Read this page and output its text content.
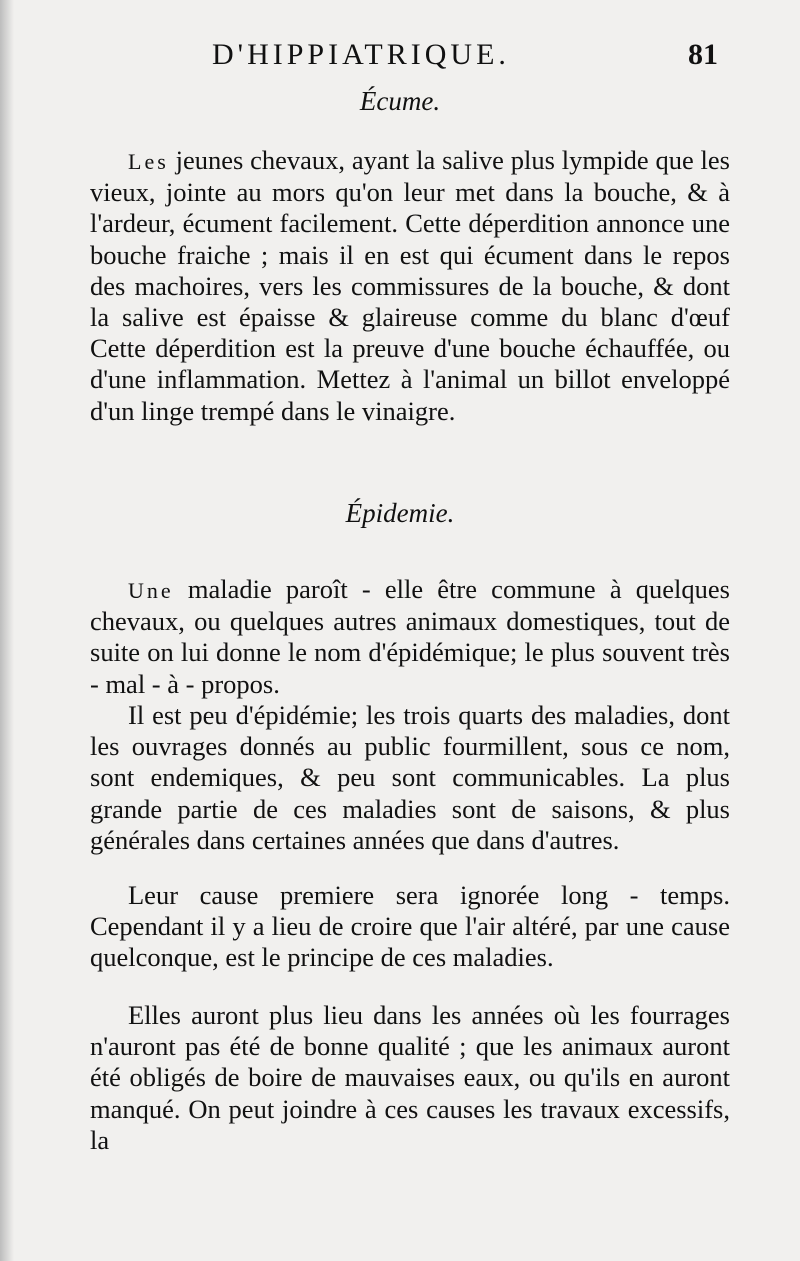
D'HIPPIATRIQUE.	81
Écume.

Les jeunes chevaux, ayant la salive plus lympide que les vieux, jointe au mors qu'on leur met dans la bouche, & à l'ardeur, écument facilement. Cette déperdition annonce une bouche fraiche ; mais il en est qui écument dans le repos des machoires, vers les commissures de la bouche, & dont la salive est épaisse & glaireuse comme du blanc d'œuf Cette déperdition est la preuve d'une bouche échauffée, ou d'une inflammation. Mettez à l'animal un billot enveloppé d'un linge trempé dans le vinaigre.

Épidemie.

Une maladie paroît - elle être commune à quelques chevaux, ou quelques autres animaux domestiques, tout de suite on lui donne le nom d'épidémique; le plus souvent très - mal - à - propos.

Il est peu d'épidémie; les trois quarts des maladies, dont les ouvrages donnés au public fourmillent, sous ce nom, sont endemiques, & peu sont communicables. La plus grande partie de ces maladies sont de saisons, & plus générales dans certaines années que dans d'autres.

Leur cause premiere sera ignorée long - temps. Cependant il y a lieu de croire que l'air altéré, par une cause quelconque, est le principe de ces maladies.

Elles auront plus lieu dans les années où les fourrages n'auront pas été de bonne qualité ; que les animaux auront été obligés de boire de mauvaises eaux, ou qu'ils en auront manqué. On peut joindre à ces causes les travaux excessifs, la
